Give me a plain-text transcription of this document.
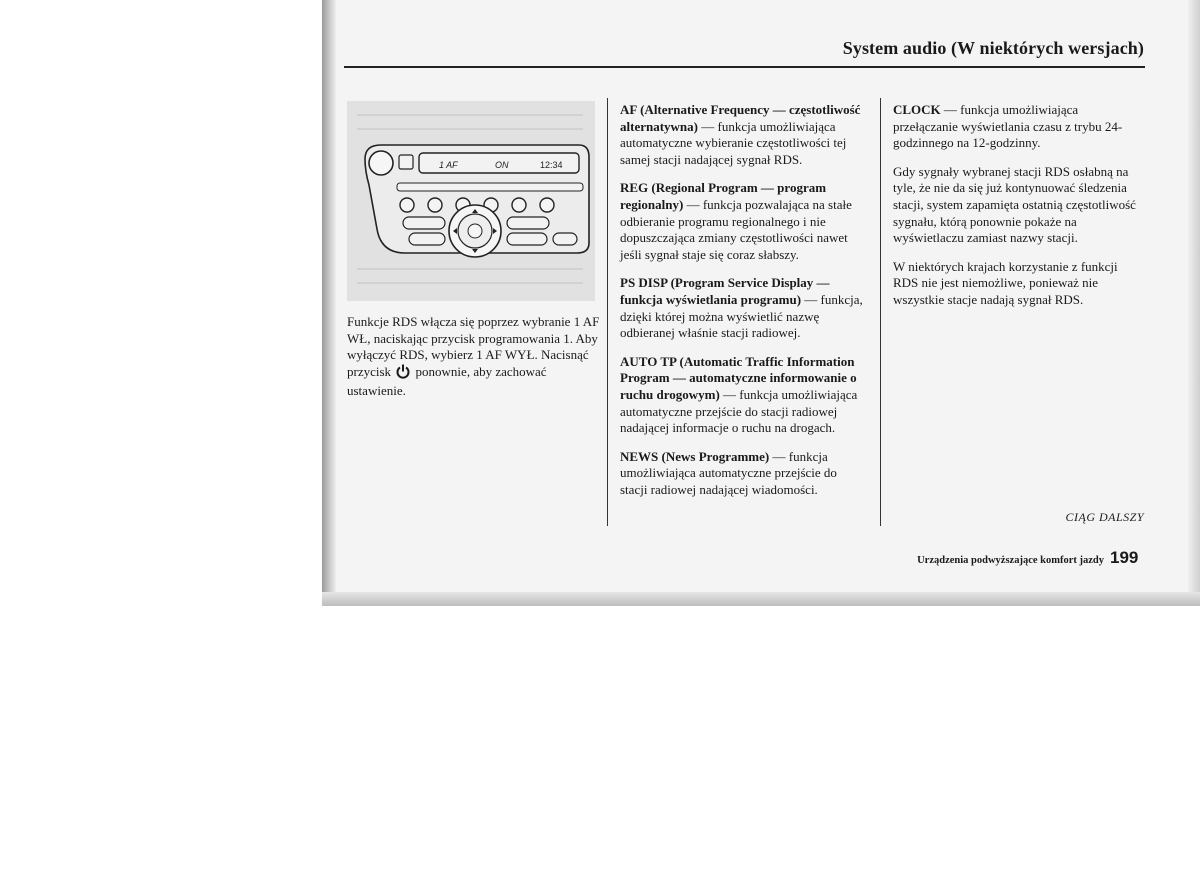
System audio (W niektórych wersjach)
1 AF	ON	12:34
Funkcje RDS włącza się poprzez wybranie 1 AF WŁ, naciskając przycisk programowania 1. Aby wyłączyć RDS, wybierz 1 AF WYŁ. Nacisnąć przycisk ponownie, aby zachować ustawienie.

AF (Alternative Frequency — częstotliwość alternatywna) — funkcja umożliwiająca automatyczne wybieranie częstotliwości tej samej stacji nadającej sygnał RDS.

REG (Regional Program — program regionalny) — funkcja pozwalająca na stałe odbieranie programu regionalnego i nie dopuszczająca zmiany częstotliwości nawet jeśli sygnał staje się coraz słabszy.

PS DISP (Program Service Display — funkcja wyświetlania programu) — funkcja, dzięki której można wyświetlić nazwę odbieranej właśnie stacji radiowej.

AUTO TP (Automatic Traffic Information Program — automatyczne informowanie o ruchu drogowym) — funkcja umożliwiająca automatyczne przejście do stacji radiowej nadającej informacje o ruchu na drogach.

NEWS (News Programme) — funkcja umożliwiająca automatyczne przejście do stacji radiowej nadającej wiadomości.

CLOCK — funkcja umożliwiająca przełączanie wyświetlania czasu z trybu 24-godzinnego na 12-godzinny.

Gdy sygnały wybranej stacji RDS osłabną na tyle, że nie da się już kontynuować śledzenia stacji, system zapamięta ostatnią częstotliwość sygnału, którą ponownie pokaże na wyświetlaczu zamiast nazwy stacji.

W niektórych krajach korzystanie z funkcji RDS nie jest niemożliwe, ponieważ nie wszystkie stacje nadają sygnał RDS.

CIĄG DALSZY
Urządzenia podwyższające komfort jazdy 199
